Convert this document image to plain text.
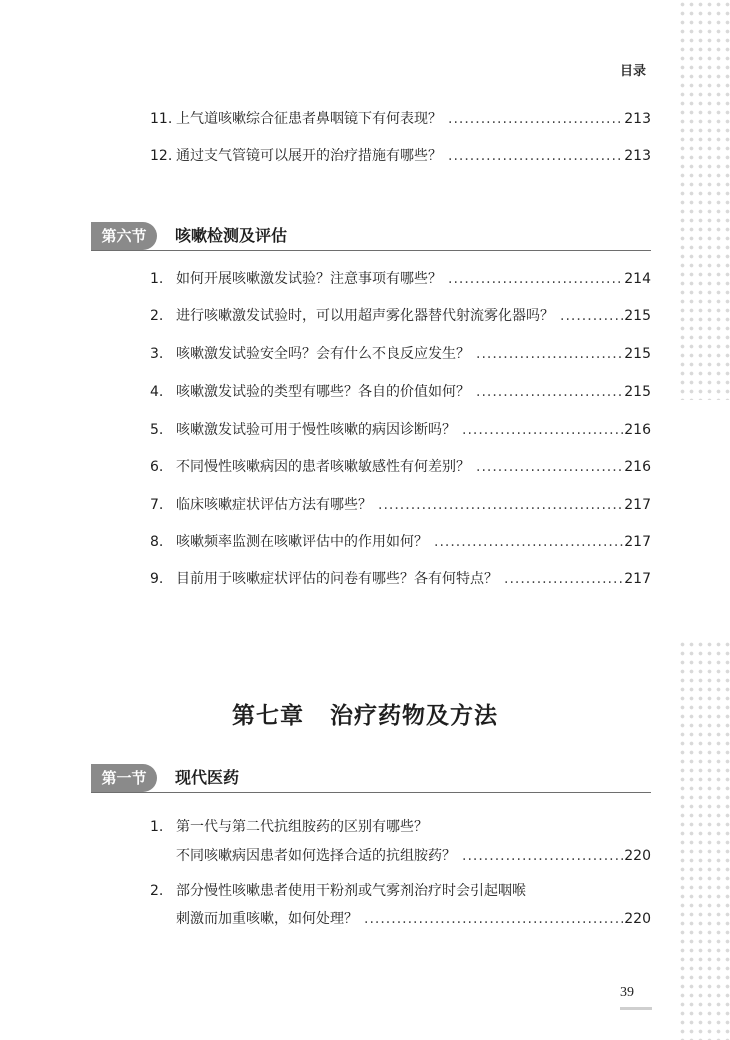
目录
11. 上气道咳嗽综合征患者鼻咽镜下有何表现？ .....	213
12. 通过支气管镜可以展开的治疗措施有哪些？ .....	213
第六节	咳嗽检测及评估
1. 如何开展咳嗽激发试验？注意事项有哪些？ .....	214
2. 进行咳嗽激发试验时，可以用超声雾化器替代射流雾化器吗？ .....	215
3. 咳嗽激发试验安全吗？会有什么不良反应发生？ .....	215
4. 咳嗽激发试验的类型有哪些？各自的价值如何？ .....	215
5. 咳嗽激发试验可用于慢性咳嗽的病因诊断吗？ .....	216
6. 不同慢性咳嗽病因的患者咳嗽敏感性有何差别？ .....	216
7. 临床咳嗽症状评估方法有哪些？ .....	217
8. 咳嗽频率监测在咳嗽评估中的作用如何？ .....	217
9. 目前用于咳嗽症状评估的问卷有哪些？各有何特点？ .....	217
第七章 治疗药物及方法
第一节	现代医药
1. 第一代与第二代抗组胺药的区别有哪些？
不同咳嗽病因患者如何选择合适的抗组胺药？ .....	220
2. 部分慢性咳嗽患者使用干粉剂或气雾剂治疗时会引起咽喉
刺激而加重咳嗽，如何处理？ .....	220
39
